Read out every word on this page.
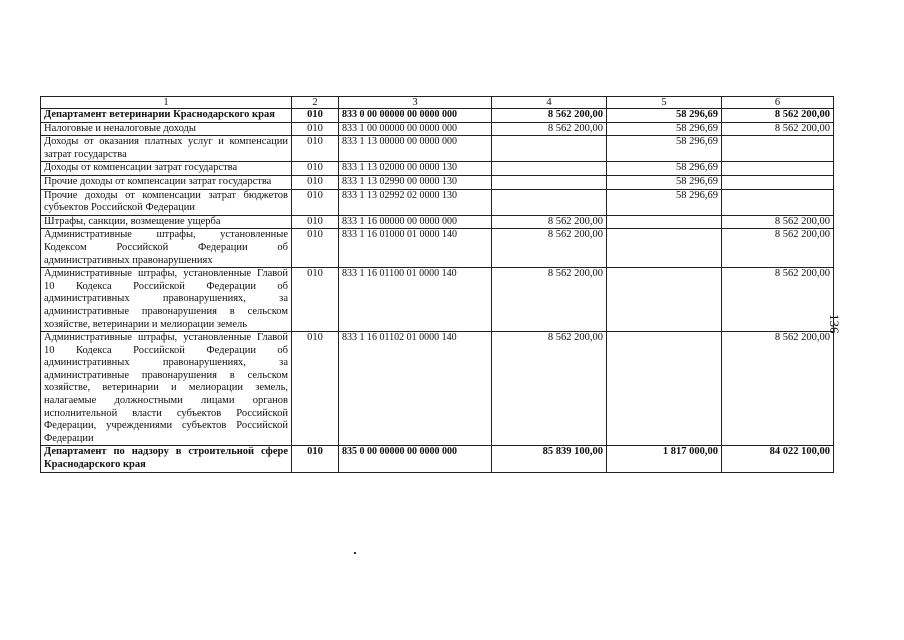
136
1	2	3	4	5	6
Департамент ветеринарии Краснодарского края	010	833 0 00 00000 00 0000 000	8 562 200,00	58 296,69	8 562 200,00
Налоговые и неналоговые доходы	010	833 1 00 00000 00 0000 000	8 562 200,00	58 296,69	8 562 200,00
Доходы от оказания платных услуг и компенсации затрат государства	010	833 1 13 00000 00 0000 000		58 296,69	
Доходы от компенсации затрат государства	010	833 1 13 02000 00 0000 130		58 296,69	
Прочие доходы от компенсации затрат государства	010	833 1 13 02990 00 0000 130		58 296,69	
Прочие доходы от компенсации затрат бюджетов субъектов Российской Федерации	010	833 1 13 02992 02 0000 130		58 296,69	
Штрафы, санкции, возмещение ущерба	010	833 1 16 00000 00 0000 000	8 562 200,00		8 562 200,00
Административные штрафы, установленные Кодексом Российской Федерации об административных правонарушениях	010	833 1 16 01000 01 0000 140	8 562 200,00		8 562 200,00
Административные штрафы, установленные Главой 10 Кодекса Российской Федерации об административных правонарушениях, за административные правонарушения в сельском хозяйстве, ветеринарии и мелиорации земель	010	833 1 16 01100 01 0000 140	8 562 200,00		8 562 200,00
Административные штрафы, установленные Главой 10 Кодекса Российской Федерации об административных правонарушениях, за административные правонарушения в сельском хозяйстве, ветеринарии и мелиорации земель, налагаемые должностными лицами органов исполнительной власти субъектов Российской Федерации, учреждениями субъектов Российской Федерации	010	833 1 16 01102 01 0000 140	8 562 200,00		8 562 200,00
Департамент по надзору в строительной сфере Краснодарского края	010	835 0 00 00000 00 0000 000	85 839 100,00	1 817 000,00	84 022 100,00
